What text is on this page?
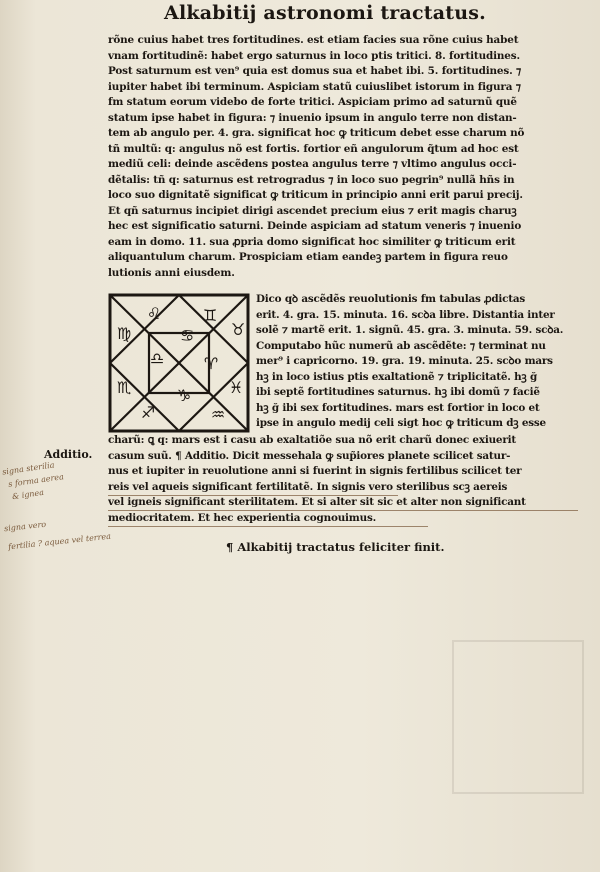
Alkabitij astronomi tractatus.
rõne cuius habet tres fortitudines. est etiam facies sua rõne cuius habet
vnam fortitudinẽ: habet ergo saturnus in loco ptis tritici. 8. fortitudines.
Post saturnum est ven⁹ quia est domus sua et habet ibi. 5. fortitudines. ⁊
iupiter habet ibi terminum. Aspiciam statũ cuiuslibet istorum in figura ⁊
fm statum eorum videbo de forte tritici. Aspiciam primo ad saturnũ quẽ
statum ipse habet in figura: ⁊ inuenio ipsum in angulo terre non distan-
tem ab angulo per. 4. gra. significat hoc ꝙ triticum debet esse charum nõ
tñ multũ: q: angulus nõ est fortis. fortior eñ angulorum q̃tum ad hoc est
mediũ celi: deinde ascẽdens postea angulus terre ⁊ vltimo angulus occi-
dẽtalis: tñ q: saturnus est retrogradus ⁊ in loco suo pegrin⁹ nullã hñs in
loco suo dignitatẽ significat ꝙ triticum in principio anni erit parui precij.
Et qñ saturnus incipiet dirigi ascendet precium eius ⁊ erit magis charuꝫ
hec est significatio saturni. Deinde aspiciam ad statum veneris ⁊ inuenio
eam in domo. 11. sua ꝓpria domo significat hoc similiter ꝙ triticum erit
aliquantulum charum. Prospiciam etiam eandeꝫ partem in figura reuo
lutionis anni eiusdem.
♌	♊
♉
♍	♋
♎ ♈
♏	♓
♑
♐	♒
Dico qꝺ ascẽdẽs reuolutionis fm tabulas ꝓdictas
erit. 4. gra. 15. minuta. 16. scꝺa libre. Distantia inter
solẽ ⁊ martẽ erit. 1. signũ. 45. gra. 3. minuta. 59. scꝺa.
Computabo hũc numerũ ab ascẽdẽte: ⁊ terminat nu
mer⁹ i capricorno. 19. gra. 19. minuta. 25. scꝺo mars
hꝫ in loco istius ptis exaltationẽ ⁊ triplicitatẽ. hꝫ ğ
ibi septẽ fortitudines saturnus. hꝫ ibi domũ ⁊ faciẽ
hꝫ ğ ibi sex fortitudines. mars est fortior in loco et
ipse in angulo medij celi sigt hoc ꝙ triticum dꝫ esse
Additio.
charũ: ꝗ q: mars est i casu ab exaltatiõe sua nõ erit charũ donec exiuerit
casum suũ. ¶ Additio. Dicit messehala ꝙ sup̃iores planete scilicet satur-
nus et iupiter in reuolutione anni si fuerint in signis fertilibus scilicet ter
reis vel aqueis significant fertilitatẽ. In signis vero sterilibus scꝫ aereis
vel igneis significant sterilitatem. Et si alter sit sic et alter non significant
mediocritatem. Et hec experientia cognouimus.
¶ Alkabitij tractatus feliciter finit.
signa sterilia
s forma aerea
& ignea
signa vero
fertilia ? aquea vel terrea
